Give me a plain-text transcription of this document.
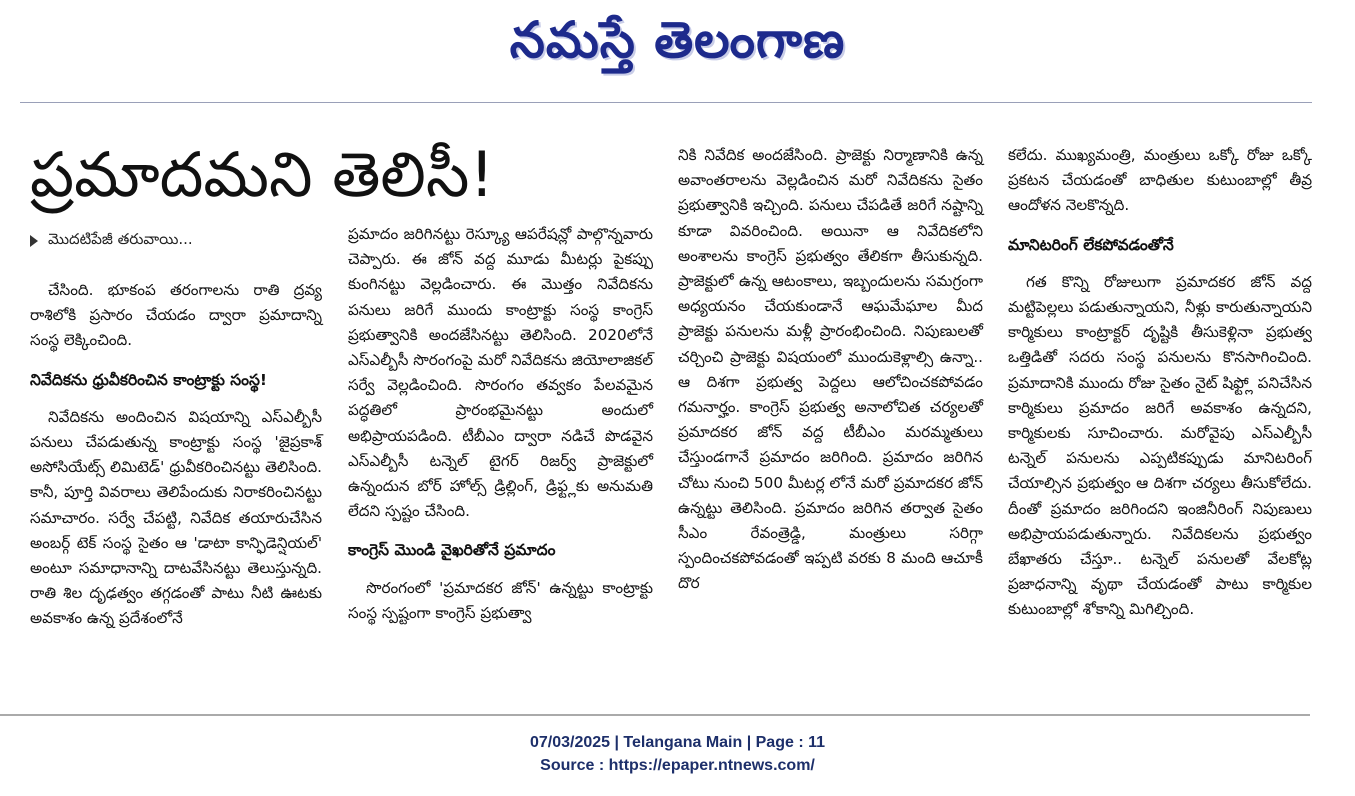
నమస్తే తెలంగాణ
ప్రమాదమని తెలిసీ!
మొదటిపేజీ తరువాయి...

చేసింది. భూకంప తరంగాలను రాతి ద్రవ్య రాశిలోకి ప్రసారం చేయడం ద్వారా ప్రమాదాన్ని సంస్థ లెక్కించింది.

నివేదికను ధ్రువీకరించిన కాంట్రాక్టు సంస్థ!

నివేదికను అందించిన విషయాన్ని ఎస్ఎల్బీసీ పనులు చేపడుతున్న కాంట్రాక్టు సంస్థ 'జైప్రకాశ్ అసోసియేట్స్ లిమిటెడ్' ధ్రువీకరించినట్టు తెలిసింది. కానీ, పూర్తి వివరాలు తెలిపేందుకు నిరాకరించినట్టు సమాచారం. సర్వే చేపట్టి, నివేదిక తయారుచేసిన అంబర్గ్ టెక్ సంస్థ సైతం ఆ 'డాటా కాన్ఫిడెన్షియల్' అంటూ సమాధానాన్ని దాటవేసినట్టు తెలుస్తున్నది. రాతి శిల దృఢత్వం తగ్గడంతో పాటు నీటి ఊటకు అవకాశం ఉన్న ప్రదేశంలోనే

ప్రమాదం జరిగినట్టు రెస్క్యూ ఆపరేషన్లో పాల్గొన్నవారు చెప్పారు. ఈ జోన్ వద్ద మూడు మీటర్లు పైకప్పు కుంగినట్టు వెల్లడించారు. ఈ మొత్తం నివేదికను పనులు జరిగే ముందు కాంట్రాక్టు సంస్థ కాంగ్రెస్ ప్రభుత్వానికి అందజేసినట్టు తెలిసింది. 2020లోనే ఎస్ఎల్బీసీ సొరంగంపై మరో నివేదికను జియోలాజికల్ సర్వే వెల్లడించింది. సొరంగం తవ్వకం పేలవమైన పద్ధతిలో ప్రారంభమైనట్టు అందులో అభిప్రాయపడింది. టీబీఎం ద్వారా నడిచే పొడవైన ఎస్ఎల్బీసీ టన్నెల్ టైగర్ రిజర్వ్ ప్రాజెక్టులో ఉన్నందున బోర్ హోల్స్ డ్రిల్లింగ్, డ్రిఫ్ట్లకు అనుమతి లేదని స్పష్టం చేసింది.

కాంగ్రెస్ మొండి వైఖరితోనే ప్రమాదం

సొరంగంలో 'ప్రమాదకర జోన్' ఉన్నట్టు కాంట్రాక్టు సంస్థ స్పష్టంగా కాంగ్రెస్ ప్రభుత్వా

నికి నివేదిక అందజేసింది. ప్రాజెక్టు నిర్మాణానికి ఉన్న అవాంతరాలను వెల్లడించిన మరో నివేదికను సైతం ప్రభుత్వానికి ఇచ్చింది. పనులు చేపడితే జరిగే నష్టాన్ని కూడా వివరించింది. అయినా ఆ నివేదికలోని అంశాలను కాంగ్రెస్ ప్రభుత్వం తేలికగా తీసుకున్నది. ప్రాజెక్టులో ఉన్న ఆటంకాలు, ఇబ్బందులను సమగ్రంగా అధ్యయనం చేయకుండానే ఆఘమేఘాల మీద ప్రాజెక్టు పనులను మళ్లీ ప్రారంభించింది. నిపుణులతో చర్చించి ప్రాజెక్టు విషయంలో ముందుకెళ్లాల్సి ఉన్నా.. ఆ దిశగా ప్రభుత్వ పెద్దలు ఆలోచించకపోవడం గమనార్హం. కాంగ్రెస్ ప్రభుత్వ అనాలోచిత చర్యలతో ప్రమాదకర జోన్ వద్ద టీబీఎం మరమ్మతులు చేస్తుండగానే ప్రమాదం జరిగింది. ప్రమాదం జరిగిన చోటు నుంచి 500 మీటర్ల లోనే మరో ప్రమాదకర జోన్ ఉన్నట్టు తెలిసింది. ప్రమాదం జరిగిన తర్వాత సైతం సీఎం రేవంత్రెడ్డి, మంత్రులు సరిగ్గా స్పందించకపోవడంతో ఇప్పటి వరకు 8 మంది ఆచూకీ దొర

కలేదు. ముఖ్యమంత్రి, మంత్రులు ఒక్కో రోజు ఒక్కో ప్రకటన చేయడంతో బాధితుల కుటుంబాల్లో తీవ్ర ఆందోళన నెలకొన్నది.

మానిటరింగ్ లేకపోవడంతోనే

గత కొన్ని రోజులుగా ప్రమాదకర జోన్ వద్ద మట్టిపెల్లలు పడుతున్నాయని, నీళ్లు కారుతున్నాయని కార్మికులు కాంట్రాక్టర్ దృష్టికి తీసుకెళ్లినా ప్రభుత్వ ఒత్తిడితో సదరు సంస్థ పనులను కొనసాగించింది. ప్రమాదానికి ముందు రోజు సైతం నైట్ షిఫ్ట్లో పనిచేసిన కార్మికులు ప్రమాదం జరిగే అవకాశం ఉన్నదని, కార్మికులకు సూచించారు. మరోవైపు ఎస్ఎల్బీసీ టన్నెల్ పనులను ఎప్పటికప్పుడు మానిటరింగ్ చేయాల్సిన ప్రభుత్వం ఆ దిశగా చర్యలు తీసుకోలేదు. దీంతో ప్రమాదం జరిగిందని ఇంజినీరింగ్ నిపుణులు అభిప్రాయపడుతున్నారు. నివేదికలను ప్రభుత్వం బేఖాతరు చేస్తూ.. టన్నెల్ పనులతో వేలకోట్ల ప్రజాధనాన్ని వృథా చేయడంతో పాటు కార్మికుల కుటుంబాల్లో శోకాన్ని మిగిల్చింది.

07/03/2025 | Telangana Main | Page : 11
Source : https://epaper.ntnews.com/
